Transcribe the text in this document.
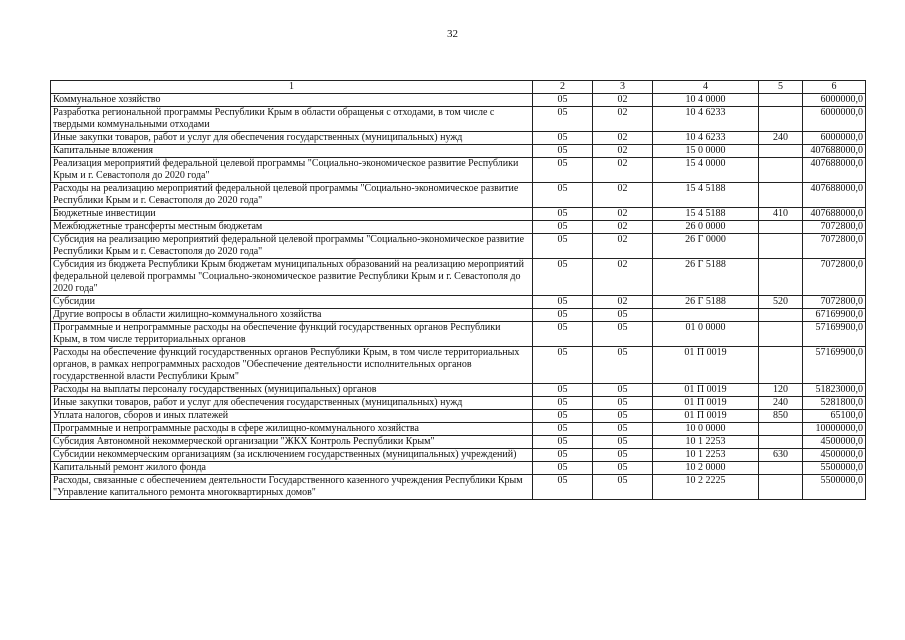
32
1	2	3	4	5	6
Коммунальное хозяйство	05	02	10 4 0000		6000000,0
Разработка региональной программы Республики Крым в области обращенья с отходами, в том числе с твердыми коммунальными отходами	05	02	10 4 6233		6000000,0
Иные закупки товаров, работ и услуг для обеспечения государственных (муниципальных) нужд	05	02	10 4 6233	240	6000000,0
Капитальные вложения	05	02	15 0 0000		407688000,0
Реализация мероприятий федеральной целевой программы "Социально-экономическое развитие Республики Крым и г. Севастополя до 2020 года"	05	02	15 4 0000		407688000,0
Расходы на реализацию мероприятий федеральной целевой программы "Социально-экономическое развитие Республики Крым и г. Севастополя до 2020 года"	05	02	15 4 5188		407688000,0
Бюджетные инвестиции	05	02	15 4 5188	410	407688000,0
Межбюджетные трансферты местным бюджетам	05	02	26 0 0000		7072800,0
Субсидия на реализацию мероприятий федеральной целевой программы "Социально-экономическое развитие Республики Крым и г. Севастополя до 2020 года"	05	02	26 Г 0000		7072800,0
Субсидия из бюджета Республики Крым бюджетам муниципальных образований на реализацию мероприятий федеральной целевой программы "Социально-экономическое развитие Республики Крым и г. Севастополя до 2020 года"	05	02	26 Г 5188		7072800,0
Субсидии	05	02	26 Г 5188	520	7072800,0
Другие вопросы в области жилищно-коммунального хозяйства	05	05			67169900,0
Программные и непрограммные расходы на обеспечение функций государственных органов Республики Крым, в том числе территориальных органов	05	05	01 0 0000		57169900,0
Расходы на обеспечение функций государственных органов Республики Крым, в том числе территориальных органов, в рамках непрограммных расходов "Обеспечение деятельности исполнительных органов государственной власти Республики Крым"	05	05	01 П 0019		57169900,0
Расходы на выплаты персоналу государственных (муниципальных) органов	05	05	01 П 0019	120	51823000,0
Иные закупки товаров, работ и услуг для обеспечения государственных (муниципальных) нужд	05	05	01 П 0019	240	5281800,0
Уплата налогов, сборов и иных платежей	05	05	01 П 0019	850	65100,0
Программные и непрограммные расходы в сфере жилищно-коммунального хозяйства	05	05	10 0 0000		10000000,0
Субсидия Автономной некоммерческой организации "ЖКХ Контроль Республики Крым"	05	05	10 1 2253		4500000,0
Субсидии некоммерческим организациям (за исключением государственных (муниципальных) учреждений)	05	05	10 1 2253	630	4500000,0
Капитальный ремонт жилого фонда	05	05	10 2 0000		5500000,0
Расходы, связанные с обеспечением деятельности Государственного казенного учреждения Республики Крым "Управление капитального ремонта многоквартирных домов"	05	05	10 2 2225		5500000,0
